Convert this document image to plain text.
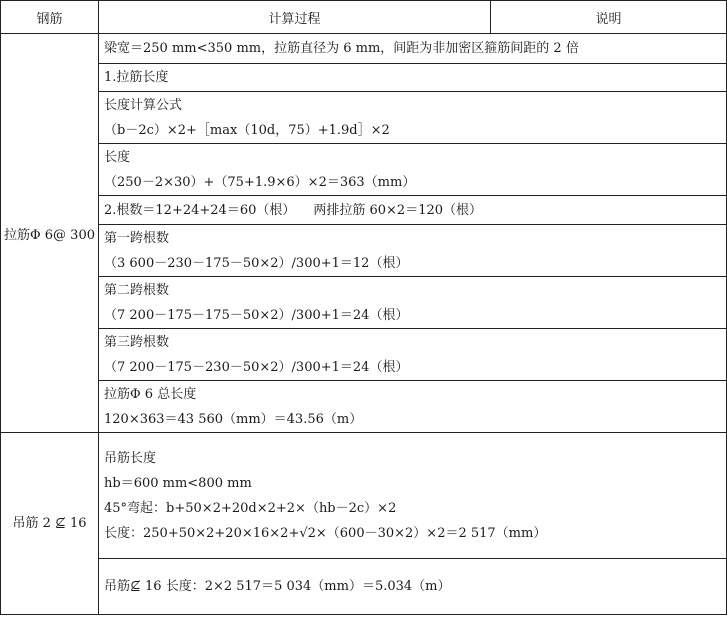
钢筋	计算过程	说明
拉筋Φ 6@ 300	梁宽＝250 mm<350 mm，拉筋直径为 6 mm，间距为非加密区箍筋间距的 2 倍	
	1.拉筋长度	

	长度计算公式
（b－2c）×2+［max（10d，75）+1.9d］×2	

	长度
（250－2×30）+（75+1.9×6）×2＝363（mm）	

	2.根数＝12+24+24＝60（根） 两排拉筋 60×2＝120（根）	

	第一跨根数
（3 600－230－175－50×2）/300+1＝12（根）	

	第二跨根数
（7 200－175－175－50×2）/300+1＝24（根）	

	第三跨根数
（7 200－175－230－50×2）/300+1＝24（根）	

	拉筋Φ 6 总长度
120×363＝43 560（mm）＝43.56（m）	

吊筋 2 ⊈ 16	吊筋长度
hb＝600 mm<800 mm
45°弯起：b+50×2+20d×2+2×（hb－2c）×2
长度：250+50×2+20×16×2+√2×（600－30×2）×2＝2 517（mm）	

	吊筋⊈ 16 长度：2×2 517＝5 034（mm）＝5.034（m）	
